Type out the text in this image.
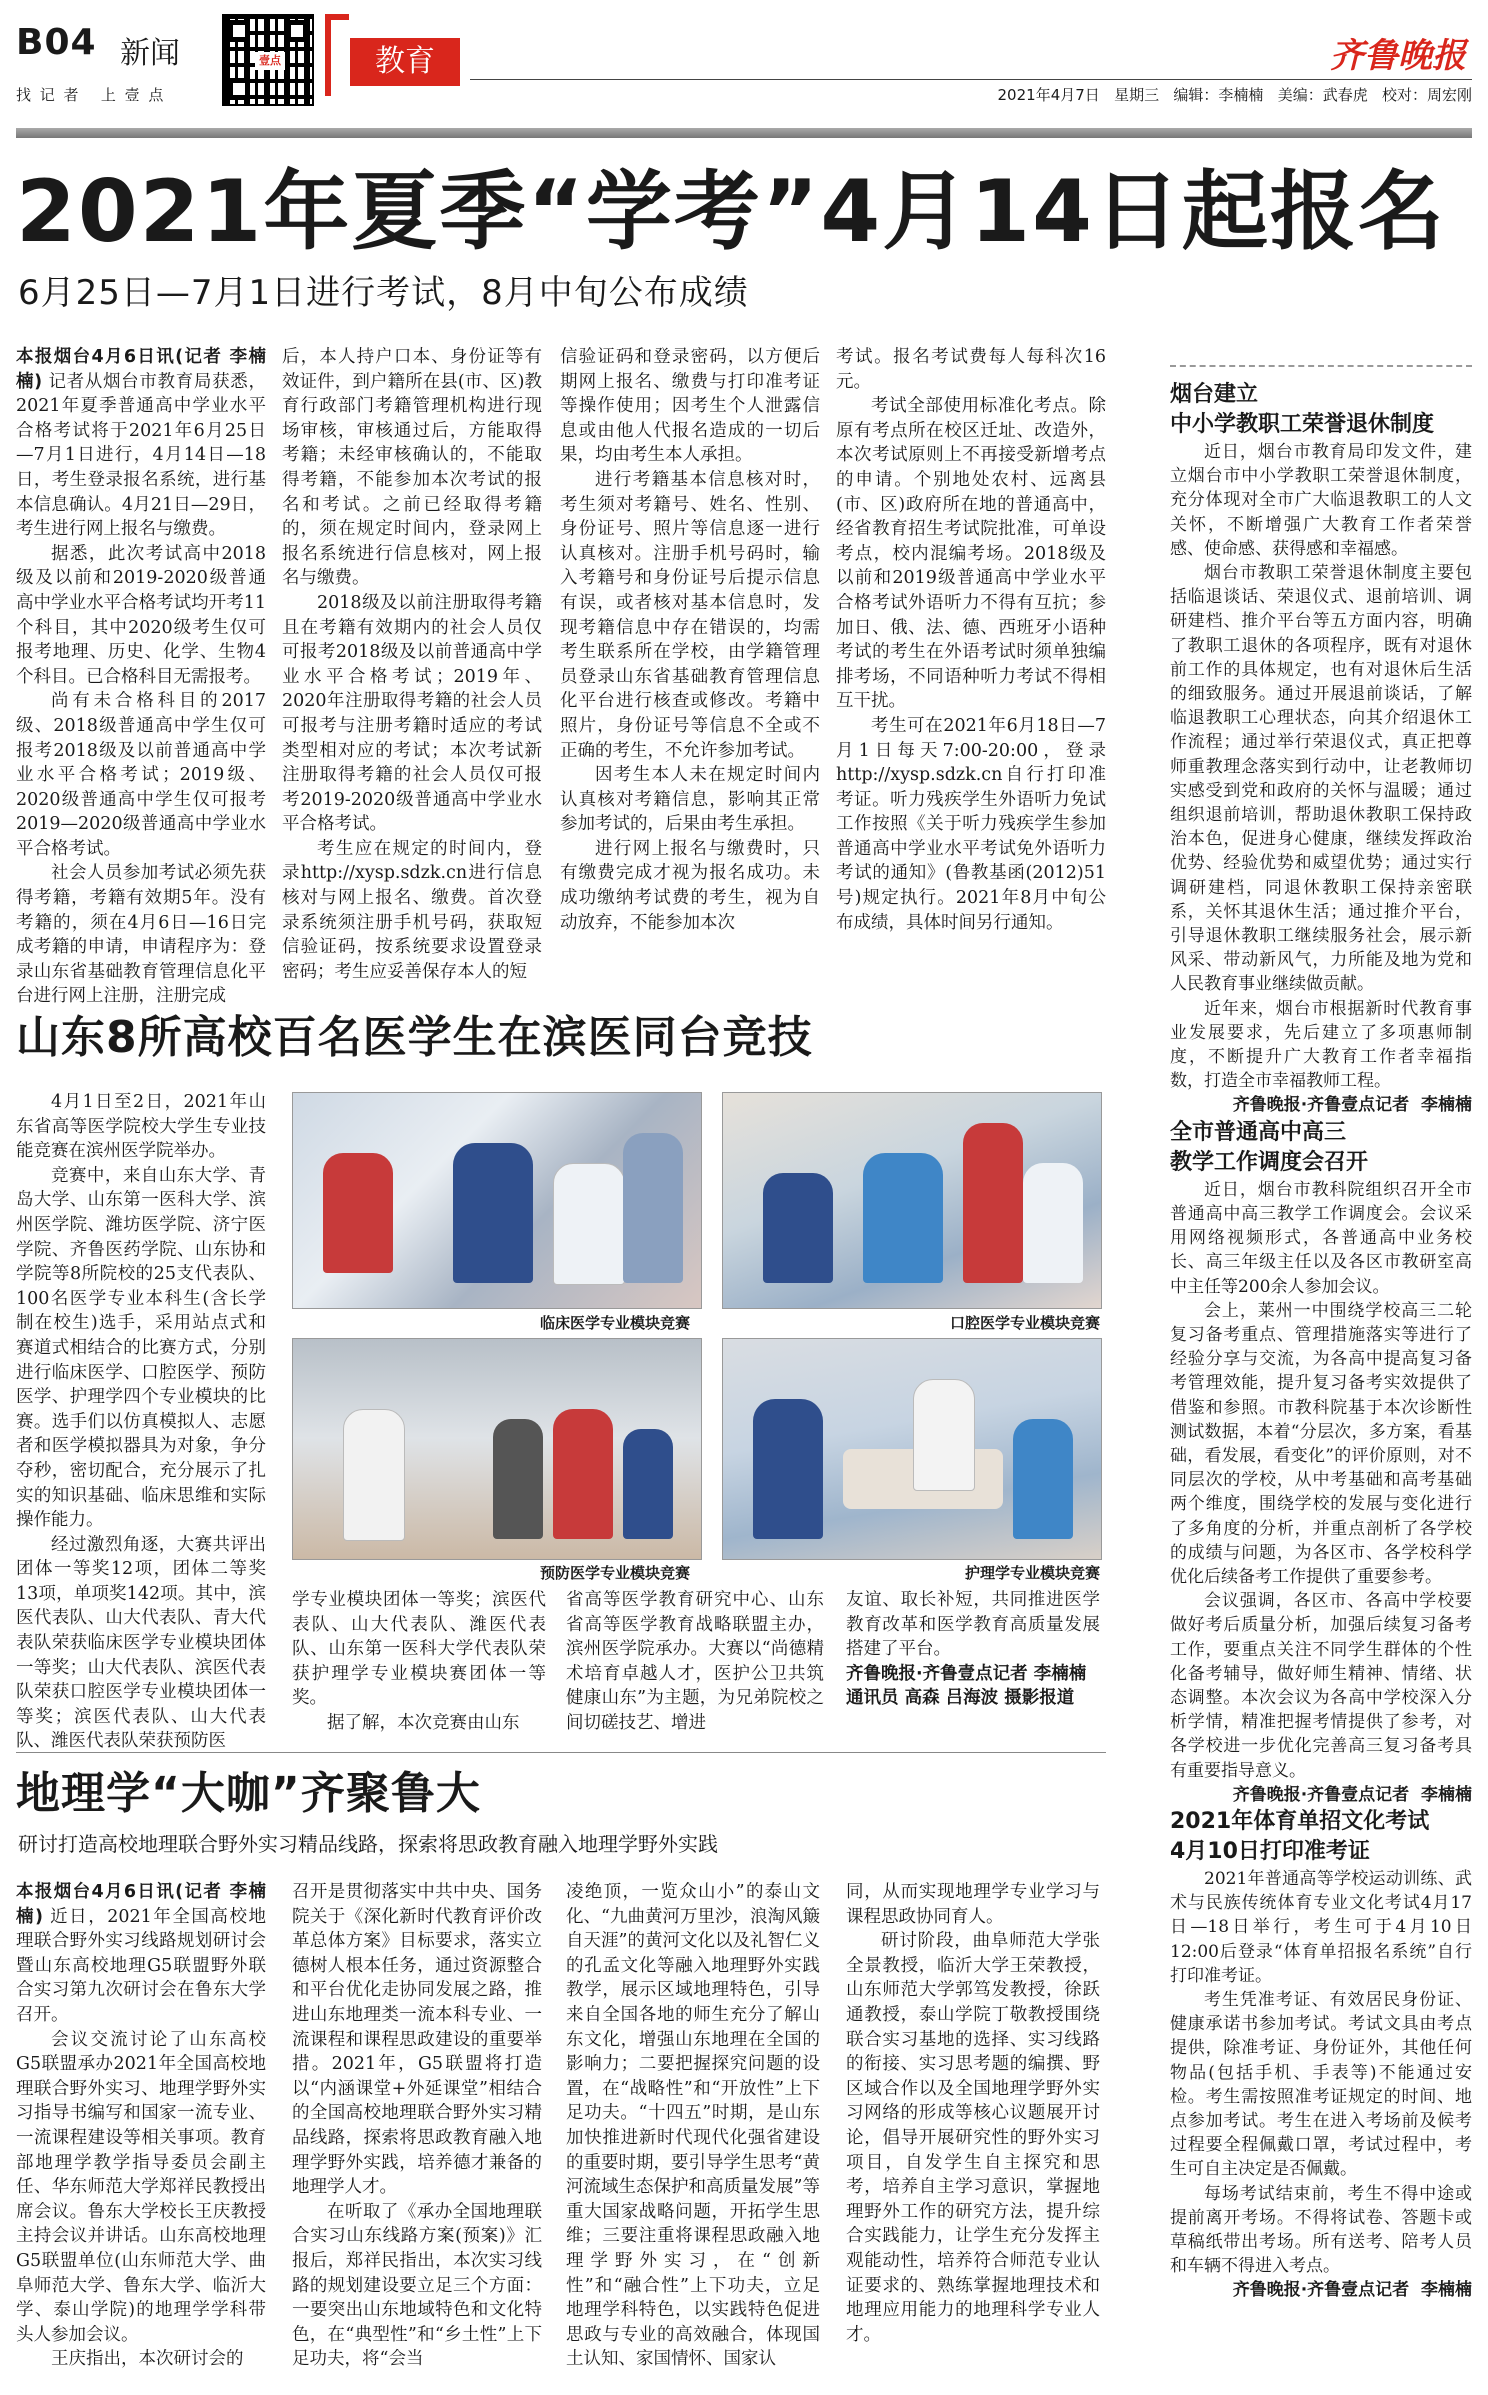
B04 新闻
找 记 者   上 壹 点
壹点	教育	齐鲁晚报
2021年4月7日   星期三   编辑：李楠楠   美编：武春虎   校对：周宏刚
2021年夏季“学考”4月14日起报名
6月25日—7月1日进行考试，8月中旬公布成绩

本报烟台4月6日讯(记者 李楠楠) 记者从烟台市教育局获悉，2021年夏季普通高中学业水平合格考试将于2021年6月25日—7月1日进行，4月14日—18日，考生登录报名系统，进行基本信息确认。4月21日—29日，考生进行网上报名与缴费。

据悉，此次考试高中2018级及以前和2019-2020级普通高中学业水平合格考试均开考11个科目，其中2020级考生仅可报考地理、历史、化学、生物4个科目。已合格科目无需报考。

尚有未合格科目的2017级、2018级普通高中学生仅可报考2018级及以前普通高中学业水平合格考试；2019级、2020级普通高中学生仅可报考2019—2020级普通高中学业水平合格考试。

社会人员参加考试必须先获得考籍，考籍有效期5年。没有考籍的，须在4月6日—16日完成考籍的申请，申请程序为：登录山东省基础教育管理信息化平台进行网上注册，注册完成

后，本人持户口本、身份证等有效证件，到户籍所在县(市、区)教育行政部门考籍管理机构进行现场审核，审核通过后，方能取得考籍；未经审核确认的，不能取得考籍，不能参加本次考试的报名和考试。之前已经取得考籍的，须在规定时间内，登录网上报名系统进行信息核对，网上报名与缴费。

2018级及以前注册取得考籍且在考籍有效期内的社会人员仅可报考2018级及以前普通高中学业水平合格考试；2019年、2020年注册取得考籍的社会人员可报考与注册考籍时适应的考试类型相对应的考试；本次考试新注册取得考籍的社会人员仅可报考2019-2020级普通高中学业水平合格考试。

考生应在规定的时间内，登录http://xysp.sdzk.cn进行信息核对与网上报名、缴费。首次登录系统须注册手机号码，获取短信验证码，按系统要求设置登录密码；考生应妥善保存本人的短

信验证码和登录密码，以方便后期网上报名、缴费与打印准考证等操作使用；因考生个人泄露信息或由他人代报名造成的一切后果，均由考生本人承担。

进行考籍基本信息核对时，考生须对考籍号、姓名、性别、身份证号、照片等信息逐一进行认真核对。注册手机号码时，输入考籍号和身份证号后提示信息有误，或者核对基本信息时，发现考籍信息中存在错误的，均需考生联系所在学校，由学籍管理员登录山东省基础教育管理信息化平台进行核查或修改。考籍中照片，身份证号等信息不全或不正确的考生，不允许参加考试。

因考生本人未在规定时间内认真核对考籍信息，影响其正常参加考试的，后果由考生承担。

进行网上报名与缴费时，只有缴费完成才视为报名成功。未成功缴纳考试费的考生，视为自动放弃，不能参加本次

考试。报名考试费每人每科次16元。

考试全部使用标准化考点。除原有考点所在校区迁址、改造外，本次考试原则上不再接受新增考点的申请。个别地处农村、远离县(市、区)政府所在地的普通高中，经省教育招生考试院批准，可单设考点，校内混编考场。2018级及以前和2019级普通高中学业水平合格考试外语听力不得有互抗；参加日、俄、法、德、西班牙小语种考试的考生在外语考试时须单独编排考场，不同语种听力考试不得相互干扰。

考生可在2021年6月18日—7月1日每天7:00-20:00，登录http://xysp.sdzk.cn自行打印准考证。听力残疾学生外语听力免试工作按照《关于听力残疾学生参加普通高中学业水平考试免外语听力考试的通知》(鲁教基函(2012)51号)规定执行。2021年8月中旬公布成绩，具体时间另行通知。

山东8所高校百名医学生在滨医同台竞技

4月1日至2日，2021年山东省高等医学院校大学生专业技能竞赛在滨州医学院举办。

竞赛中，来自山东大学、青岛大学、山东第一医科大学、滨州医学院、潍坊医学院、济宁医学院、齐鲁医药学院、山东协和学院等8所院校的25支代表队、100名医学专业本科生(含长学制在校生)选手，采用站点式和赛道式相结合的比赛方式，分别进行临床医学、口腔医学、预防医学、护理学四个专业模块的比赛。选手们以仿真模拟人、志愿者和医学模拟器具为对象，争分夺秒，密切配合，充分展示了扎实的知识基础、临床思维和实际操作能力。

经过激烈角逐，大赛共评出团体一等奖12项，团体二等奖13项，单项奖142项。其中，滨医代表队、山大代表队、青大代表队荣获临床医学专业模块团体一等奖；山大代表队、滨医代表队荣获口腔医学专业模块团体一等奖；滨医代表队、山大代表队、潍医代表队荣获预防医

临床医学专业模块竞赛	口腔医学专业模块竞赛
预防医学专业模块竞赛	护理学专业模块竞赛

学专业模块团体一等奖；滨医代表队、山大代表队、潍医代表队、山东第一医科大学代表队荣获护理学专业模块赛团体一等奖。

据了解，本次竞赛由山东

省高等医学教育研究中心、山东省高等医学教育战略联盟主办，滨州医学院承办。大赛以“尚德精术培育卓越人才，医护公卫共筑健康山东”为主题，为兄弟院校之间切磋技艺、增进

友谊、取长补短，共同推进医学教育改革和医学教育高质量发展搭建了平台。

齐鲁晚报·齐鲁壹点记者 李楠楠 通讯员 高森 吕海波 摄影报道

地理学“大咖”齐聚鲁大
研讨打造高校地理联合野外实习精品线路，探索将思政教育融入地理学野外实践

本报烟台4月6日讯(记者 李楠楠) 近日，2021年全国高校地理联合野外实习线路规划研讨会暨山东高校地理G5联盟野外联合实习第九次研讨会在鲁东大学召开。

会议交流讨论了山东高校G5联盟承办2021年全国高校地理联合野外实习、地理学野外实习指导书编写和国家一流专业、一流课程建设等相关事项。教育部地理学教学指导委员会副主任、华东师范大学郑祥民教授出席会议。鲁东大学校长王庆教授主持会议并讲话。山东高校地理G5联盟单位(山东师范大学、曲阜师范大学、鲁东大学、临沂大学、泰山学院)的地理学学科带头人参加会议。

王庆指出，本次研讨会的

召开是贯彻落实中共中央、国务院关于《深化新时代教育评价改革总体方案》目标要求，落实立德树人根本任务，通过资源整合和平台优化走协同发展之路，推进山东地理类一流本科专业、一流课程和课程思政建设的重要举措。2021年，G5联盟将打造以“内涵课堂+外延课堂”相结合的全国高校地理联合野外实习精品线路，探索将思政教育融入地理学野外实践，培养德才兼备的地理学人才。

在听取了《承办全国地理联合实习山东线路方案(预案)》汇报后，郑祥民指出，本次实习线路的规划建设要立足三个方面：一要突出山东地域特色和文化特色，在“典型性”和“乡土性”上下足功夫，将“会当

凌绝顶，一览众山小”的泰山文化、“九曲黄河万里沙，浪淘风簸自天涯”的黄河文化以及礼智仁义的孔孟文化等融入地理野外实践教学，展示区域地理特色，引导来自全国各地的师生充分了解山东文化，增强山东地理在全国的影响力；二要把握探究问题的设置，在“战略性”和“开放性”上下足功夫。“十四五”时期，是山东加快推进新时代现代化强省建设的重要时期，要引导学生思考“黄河流域生态保护和高质量发展”等重大国家战略问题，开拓学生思维；三要注重将课程思政融入地理学野外实习，在“创新性”和“融合性”上下功夫，立足地理学科特色，以实践特色促进思政与专业的高效融合，体现国土认知、家国情怀、国家认

同，从而实现地理学专业学习与课程思政协同育人。

研讨阶段，曲阜师范大学张全景教授，临沂大学王荣教授，山东师范大学郭笃发教授，徐跃通教授，泰山学院丁敬教授围绕联合实习基地的选择、实习线路的衔接、实习思考题的编撰、野区域合作以及全国地理学野外实习网络的形成等核心议题展开讨论，倡导开展研究性的野外实习项目，自发学生自主探究和思考，培养自主学习意识，掌握地理野外工作的研究方法，提升综合实践能力，让学生充分发挥主观能动性，培养符合师范专业认证要求的、熟练掌握地理技术和地理应用能力的地理科学专业人才。

烟台建立
中小学教职工荣誉退休制度

近日，烟台市教育局印发文件，建立烟台市中小学教职工荣誉退休制度，充分体现对全市广大临退教职工的人文关怀，不断增强广大教育工作者荣誉感、使命感、获得感和幸福感。

烟台市教职工荣誉退休制度主要包括临退谈话、荣退仪式、退前培训、调研建档、推介平台等五方面内容，明确了教职工退休的各项程序，既有对退休前工作的具体规定，也有对退休后生活的细致服务。通过开展退前谈话，了解临退教职工心理状态，向其介绍退休工作流程；通过举行荣退仪式，真正把尊师重教理念落实到行动中，让老教师切实感受到党和政府的关怀与温暖；通过组织退前培训，帮助退休教职工保持政治本色，促进身心健康，继续发挥政治优势、经验优势和威望优势；通过实行调研建档，同退休教职工保持亲密联系，关怀其退休生活；通过推介平台，引导退休教职工继续服务社会，展示新风采、带动新风气，力所能及地为党和人民教育事业继续做贡献。

近年来，烟台市根据新时代教育事业发展要求，先后建立了多项惠师制度，不断提升广大教育工作者幸福指数，打造全市幸福教师工程。

齐鲁晚报·齐鲁壹点记者  李楠楠

全市普通高中高三
教学工作调度会召开

近日，烟台市教科院组织召开全市普通高中高三教学工作调度会。会议采用网络视频形式，各普通高中业务校长、高三年级主任以及各区市教研室高中主任等200余人参加会议。

会上，莱州一中围绕学校高三二轮复习备考重点、管理措施落实等进行了经验分享与交流，为各高中提高复习备考管理效能，提升复习备考实效提供了借鉴和参照。市教科院基于本次诊断性测试数据，本着“分层次，多方案，看基础，看发展，看变化”的评价原则，对不同层次的学校，从中考基础和高考基础两个维度，围绕学校的发展与变化进行了多角度的分析，并重点剖析了各学校的成绩与问题，为各区市、各学校科学优化后续备考工作提供了重要参考。

会议强调，各区市、各高中学校要做好考后质量分析，加强后续复习备考工作，要重点关注不同学生群体的个性化备考辅导，做好师生精神、情绪、状态调整。本次会议为各高中学校深入分析学情，精准把握考情提供了参考，对各学校进一步优化完善高三复习备考具有重要指导意义。

齐鲁晚报·齐鲁壹点记者  李楠楠

2021年体育单招文化考试
4月10日打印准考证

2021年普通高等学校运动训练、武术与民族传统体育专业文化考试4月17日—18日举行，考生可于4月10日12:00后登录“体育单招报名系统”自行打印准考证。

考生凭准考证、有效居民身份证、健康承诺书参加考试。考试文具由考点提供，除准考证、身份证外，其他任何物品(包括手机、手表等)不能通过安检。考生需按照准考证规定的时间、地点参加考试。考生在进入考场前及候考过程要全程佩戴口罩，考试过程中，考生可自主决定是否佩戴。

每场考试结束前，考生不得中途或提前离开考场。不得将试卷、答题卡或草稿纸带出考场。所有送考、陪考人员和车辆不得进入考点。

齐鲁晚报·齐鲁壹点记者  李楠楠
